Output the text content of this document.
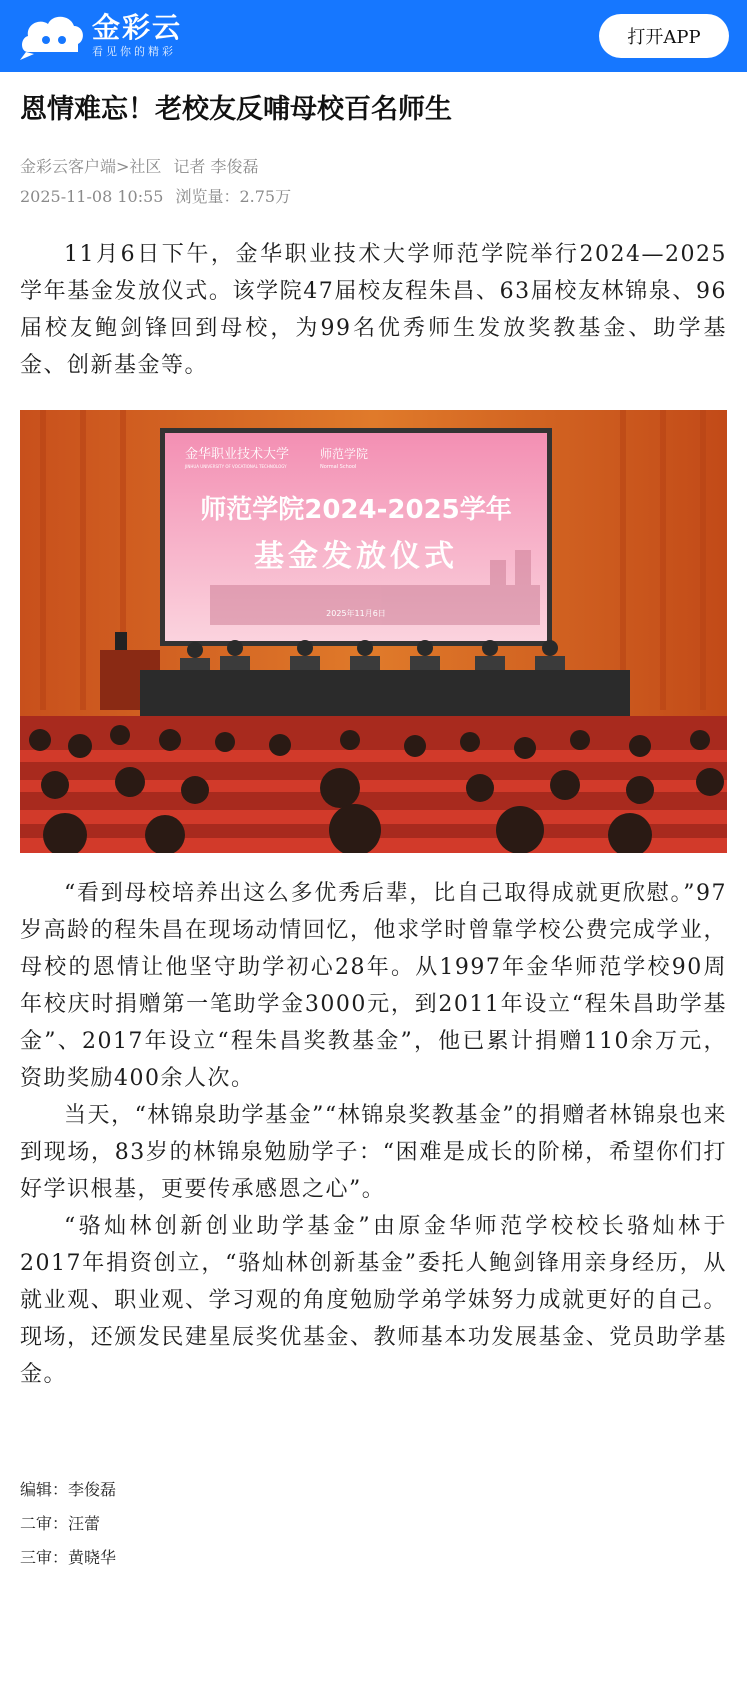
金彩云
看见你的精彩
打开APP
恩情难忘！老校友反哺母校百名师生
金彩云客户端>社区 记者 李俊磊
2025-11-08 10:55 浏览量：2.75万

11月6日下午，金华职业技术大学师范学院举行2024—2025学年基金发放仪式。该学院47届校友程朱昌、63届校友林锦泉、96届校友鲍剑锋回到母校，为99名优秀师生发放奖教基金、助学基金、创新基金等。

金华职业技术大学
JINHUA UNIVERSITY OF VOCATIONAL TECHNOLOGY
师范学院
Normal School
师范学院2024-2025学年
基金发放仪式
2025年11月6日

“看到母校培养出这么多优秀后辈，比自己取得成就更欣慰。”97岁高龄的程朱昌在现场动情回忆，他求学时曾靠学校公费完成学业，母校的恩情让他坚守助学初心28年。从1997年金华师范学校90周年校庆时捐赠第一笔助学金3000元，到2011年设立“程朱昌助学基金”、2017年设立“程朱昌奖教基金”，他已累计捐赠110余万元，资助奖励400余人次。

当天，“林锦泉助学基金”“林锦泉奖教基金”的捐赠者林锦泉也来到现场，83岁的林锦泉勉励学子：“困难是成长的阶梯，希望你们打好学识根基，更要传承感恩之心”。

“骆灿林创新创业助学基金”由原金华师范学校校长骆灿林于2017年捐资创立，“骆灿林创新基金”委托人鲍剑锋用亲身经历，从就业观、职业观、学习观的角度勉励学弟学妹努力成就更好的自己。现场，还颁发民建星辰奖优基金、教师基本功发展基金、党员助学基金。

编辑：李俊磊
二审：汪蕾
三审：黄晓华
